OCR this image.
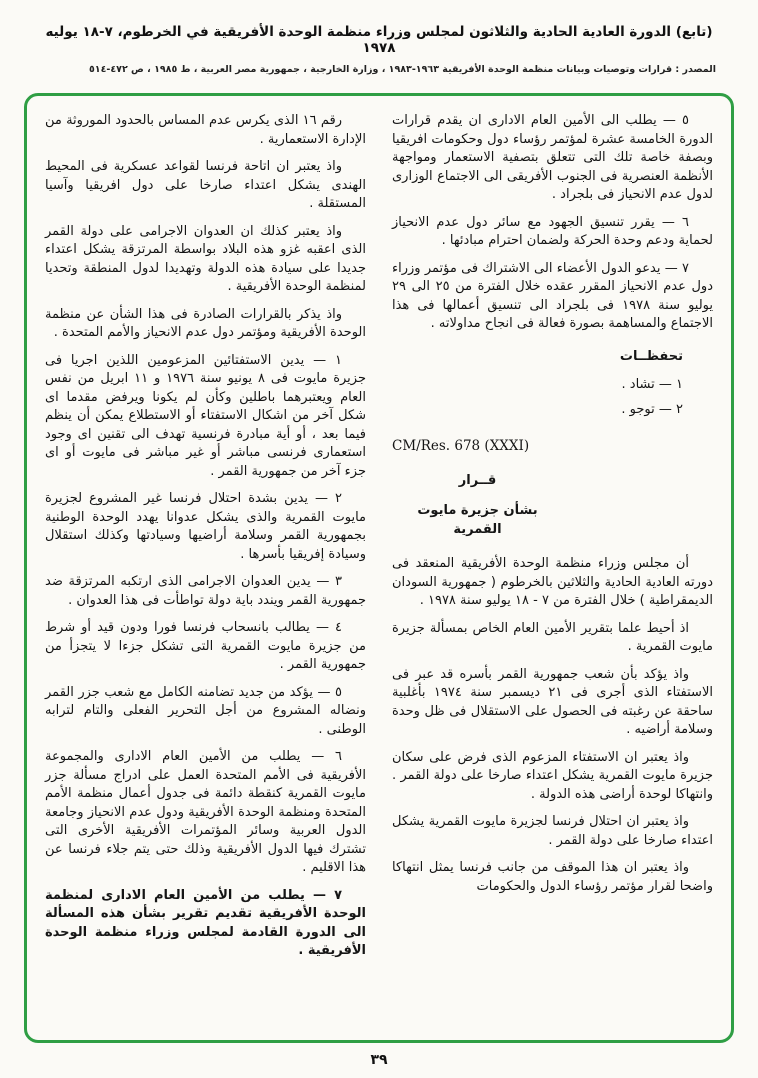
(تابع) الدورة العادية الحادية والثلاثون لمجلس وزراء منظمة الوحدة الأفريقية في الخرطوم، ٧-١٨ يوليه ١٩٧٨
المصدر : قرارات وتوصيات وبيانات منظمة الوحدة الأفريقية ١٩٦٣-١٩٨٣ ، وزارة الخارجية ، جمهورية مصر العربية ، ط ١٩٨٥ ، ص ٤٧٢-٥١٤
٥ — يطلب الى الأمين العام الادارى ان يقدم قرارات الدورة الخامسة عشرة لمؤتمر رؤساء دول وحكومات افريقيا وبصفة خاصة تلك التى تتعلق بتصفية الاستعمار ومواجهة الأنظمة العنصرية فى الجنوب الأفريقى الى الاجتماع الوزارى لدول عدم الانحياز فى بلجراد .
٦ — يقرر تنسيق الجهود مع سائر دول عدم الانحياز لحماية ودعم وحدة الحركة ولضمان احترام مبادئها .
٧ — يدعو الدول الأعضاء الى الاشتراك فى مؤتمر وزراء دول عدم الانحياز المقرر عقده خلال الفترة من ٢٥ الى ٢٩ يوليو سنة ١٩٧٨ فى بلجراد الى تنسيق أعمالها فى هذا الاجتماع والمساهمة بصورة فعالة فى انجاح مداولاته .
تحفظــات
١ — تشاد .
٢ — توجو .
CM/Res. 678 (XXXI)
قــرار
بشأن جزيرة مايوت القمرية
أن مجلس وزراء منظمة الوحدة الأفريقية المنعقد فى دورته العادية الحادية والثلاثين بالخرطوم ( جمهورية السودان الديمقراطية ) خلال الفترة من ٧ - ١٨ يوليو سنة ١٩٧٨ .
اذ أحيط علما بتقرير الأمين العام الخاص بمسألة جزيرة مايوت القمرية .
واذ يؤكد بأن شعب جمهورية القمر بأسره قد عبر فى الاستفتاء الذى أجرى فى ٢١ ديسمبر سنة ١٩٧٤ بأغلبية ساحقة عن رغبته فى الحصول على الاستقلال فى ظل وحدة وسلامة أراضيه .
واذ يعتبر ان الاستفتاء المزعوم الذى فرض على سكان جزيرة مايوت القمرية يشكل اعتداء صارخا على دولة القمر . وانتهاكا لوحدة أراضى هذه الدولة .
واذ يعتبر ان احتلال فرنسا لجزيرة مايوت القمرية يشكل اعتداء صارخا على دولة القمر .
واذ يعتبر ان هذا الموقف من جانب فرنسا يمثل انتهاكا واضحا لقرار مؤتمر رؤساء الدول والحكومات
رقم ١٦ الذى يكرس عدم المساس بالحدود الموروثة من الإدارة الاستعمارية .
واذ يعتبر ان اتاحة فرنسا لقواعد عسكرية فى المحيط الهندى يشكل اعتداء صارخا على دول افريقيا وآسيا المستقلة .
واذ يعتبر كذلك ان العدوان الاجرامى على دولة القمر الذى اعقبه غزو هذه البلاد بواسطة المرتزقة يشكل اعتداء جديدا على سيادة هذه الدولة وتهديدا لدول المنطقة وتحديا لمنظمة الوحدة الأفريقية .
واذ يذكر بالقرارات الصادرة فى هذا الشأن عن منظمة الوحدة الأفريقية ومؤتمر دول عدم الانحياز والأمم المتحدة .
١ — يدين الاستفتائين المزعومين اللذين اجريا فى جزيرة مايوت فى ٨ يونيو سنة ١٩٧٦ و ١١ ابريل من نفس العام ويعتبرهما باطلين وكأن لم يكونا ويرفض مقدما اى شكل آخر من اشكال الاستفتاء أو الاستطلاع يمكن أن ينظم فيما بعد ، أو أية مبادرة فرنسية تهدف الى تقنين اى وجود استعمارى فرنسى مباشر أو غير مباشر فى مايوت أو اى جزء آخر من جمهورية القمر .
٢ — يدين بشدة احتلال فرنسا غير المشروع لجزيرة مايوت القمرية والذى يشكل عدوانا يهدد الوحدة الوطنية بجمهورية القمر وسلامة أراضيها وسيادتها وكذلك استقلال وسيادة إفريقيا بأسرها .
٣ — يدين العدوان الاجرامى الذى ارتكبه المرتزقة ضد جمهورية القمر ويندد باية دولة تواطأت فى هذا العدوان .
٤ — يطالب بانسحاب فرنسا فورا ودون قيد أو شرط من جزيرة مايوت القمرية التى تشكل جزءا لا يتجزأ من جمهورية القمر .
٥ — يؤكد من جديد تضامنه الكامل مع شعب جزر القمر ونضاله المشروع من أجل التحرير الفعلى والتام لترابه الوطنى .
٦ — يطلب من الأمين العام الادارى والمجموعة الأفريقية فى الأمم المتحدة العمل على ادراج مسألة جزر مايوت القمرية كنقطة دائمة فى جدول أعمال منظمة الأمم المتحدة ومنظمة الوحدة الأفريقية ودول عدم الانحياز وجامعة الدول العربية وسائر المؤتمرات الأفريقية الأخرى التى تشترك فيها الدول الأفريقية وذلك حتى يتم جلاء فرنسا عن هذا الاقليم .
٧ — يطلب من الأمين العام الادارى لمنظمة الوحدة الأفريقية تقديم تقرير بشأن هذه المسألة الى الدورة القادمة لمجلس وزراء منظمة الوحدة الأفريقية .
٣٩
